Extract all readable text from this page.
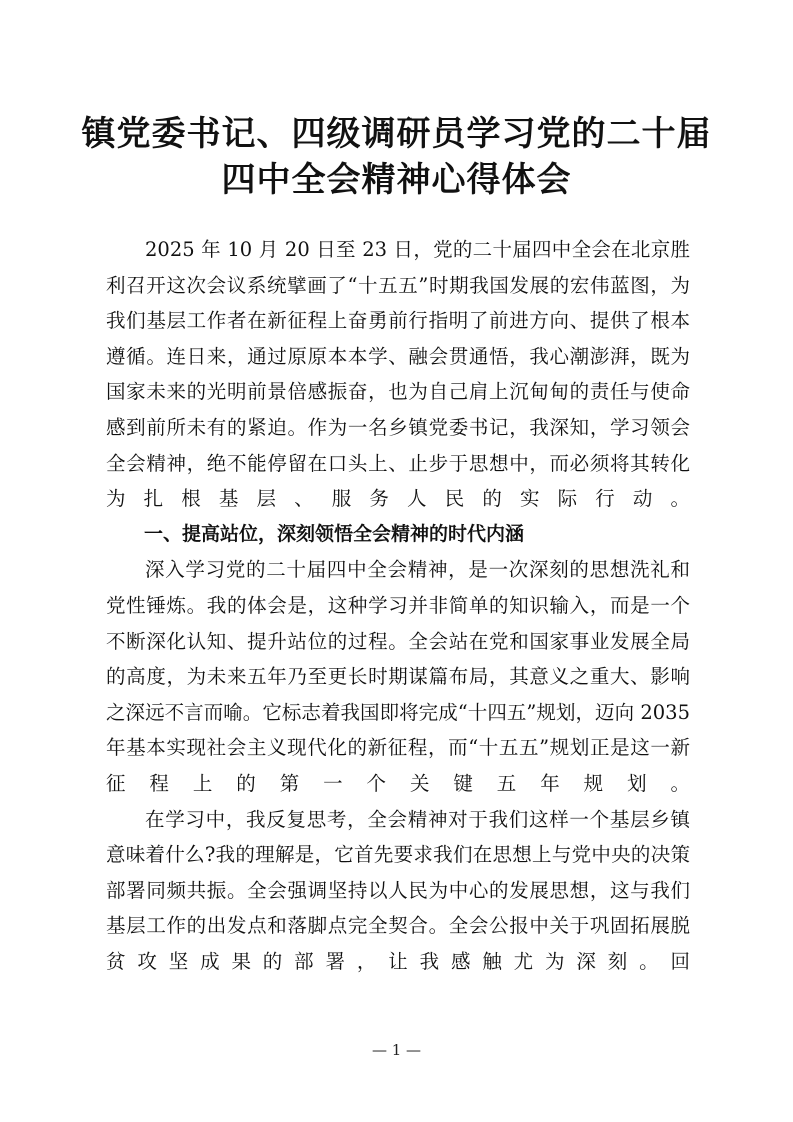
镇党委书记、四级调研员学习党的二十届
四中全会精神心得体会

2025 年 10 月 20 日至 23 日，党的二十届四中全会在北京胜利召开这次会议系统擘画了“十五五”时期我国发展的宏伟蓝图，为我们基层工作者在新征程上奋勇前行指明了前进方向、提供了根本遵循。连日来，通过原原本本学、融会贯通悟，我心潮澎湃，既为国家未来的光明前景倍感振奋，也为自己肩上沉甸甸的责任与使命感到前所未有的紧迫。作为一名乡镇党委书记，我深知，学习领会全会精神，绝不能停留在口头上、止步于思想中，而必须将其转化为扎根基层、服务人民的实际行动。

一、提高站位，深刻领悟全会精神的时代内涵

深入学习党的二十届四中全会精神，是一次深刻的思想洗礼和党性锤炼。我的体会是，这种学习并非简单的知识输入，而是一个不断深化认知、提升站位的过程。全会站在党和国家事业发展全局的高度，为未来五年乃至更长时期谋篇布局，其意义之重大、影响之深远不言而喻。它标志着我国即将完成“十四五”规划，迈向 2035 年基本实现社会主义现代化的新征程，而“十五五”规划正是这一新征程上的第一个关键五年规划。

在学习中，我反复思考，全会精神对于我们这样一个基层乡镇意味着什么?我的理解是，它首先要求我们在思想上与党中央的决策部署同频共振。全会强调坚持以人民为中心的发展思想，这与我们基层工作的出发点和落脚点完全契合。全会公报中关于巩固拓展脱贫攻坚成果的部署，让我感触尤为深刻。回

— 1 —
